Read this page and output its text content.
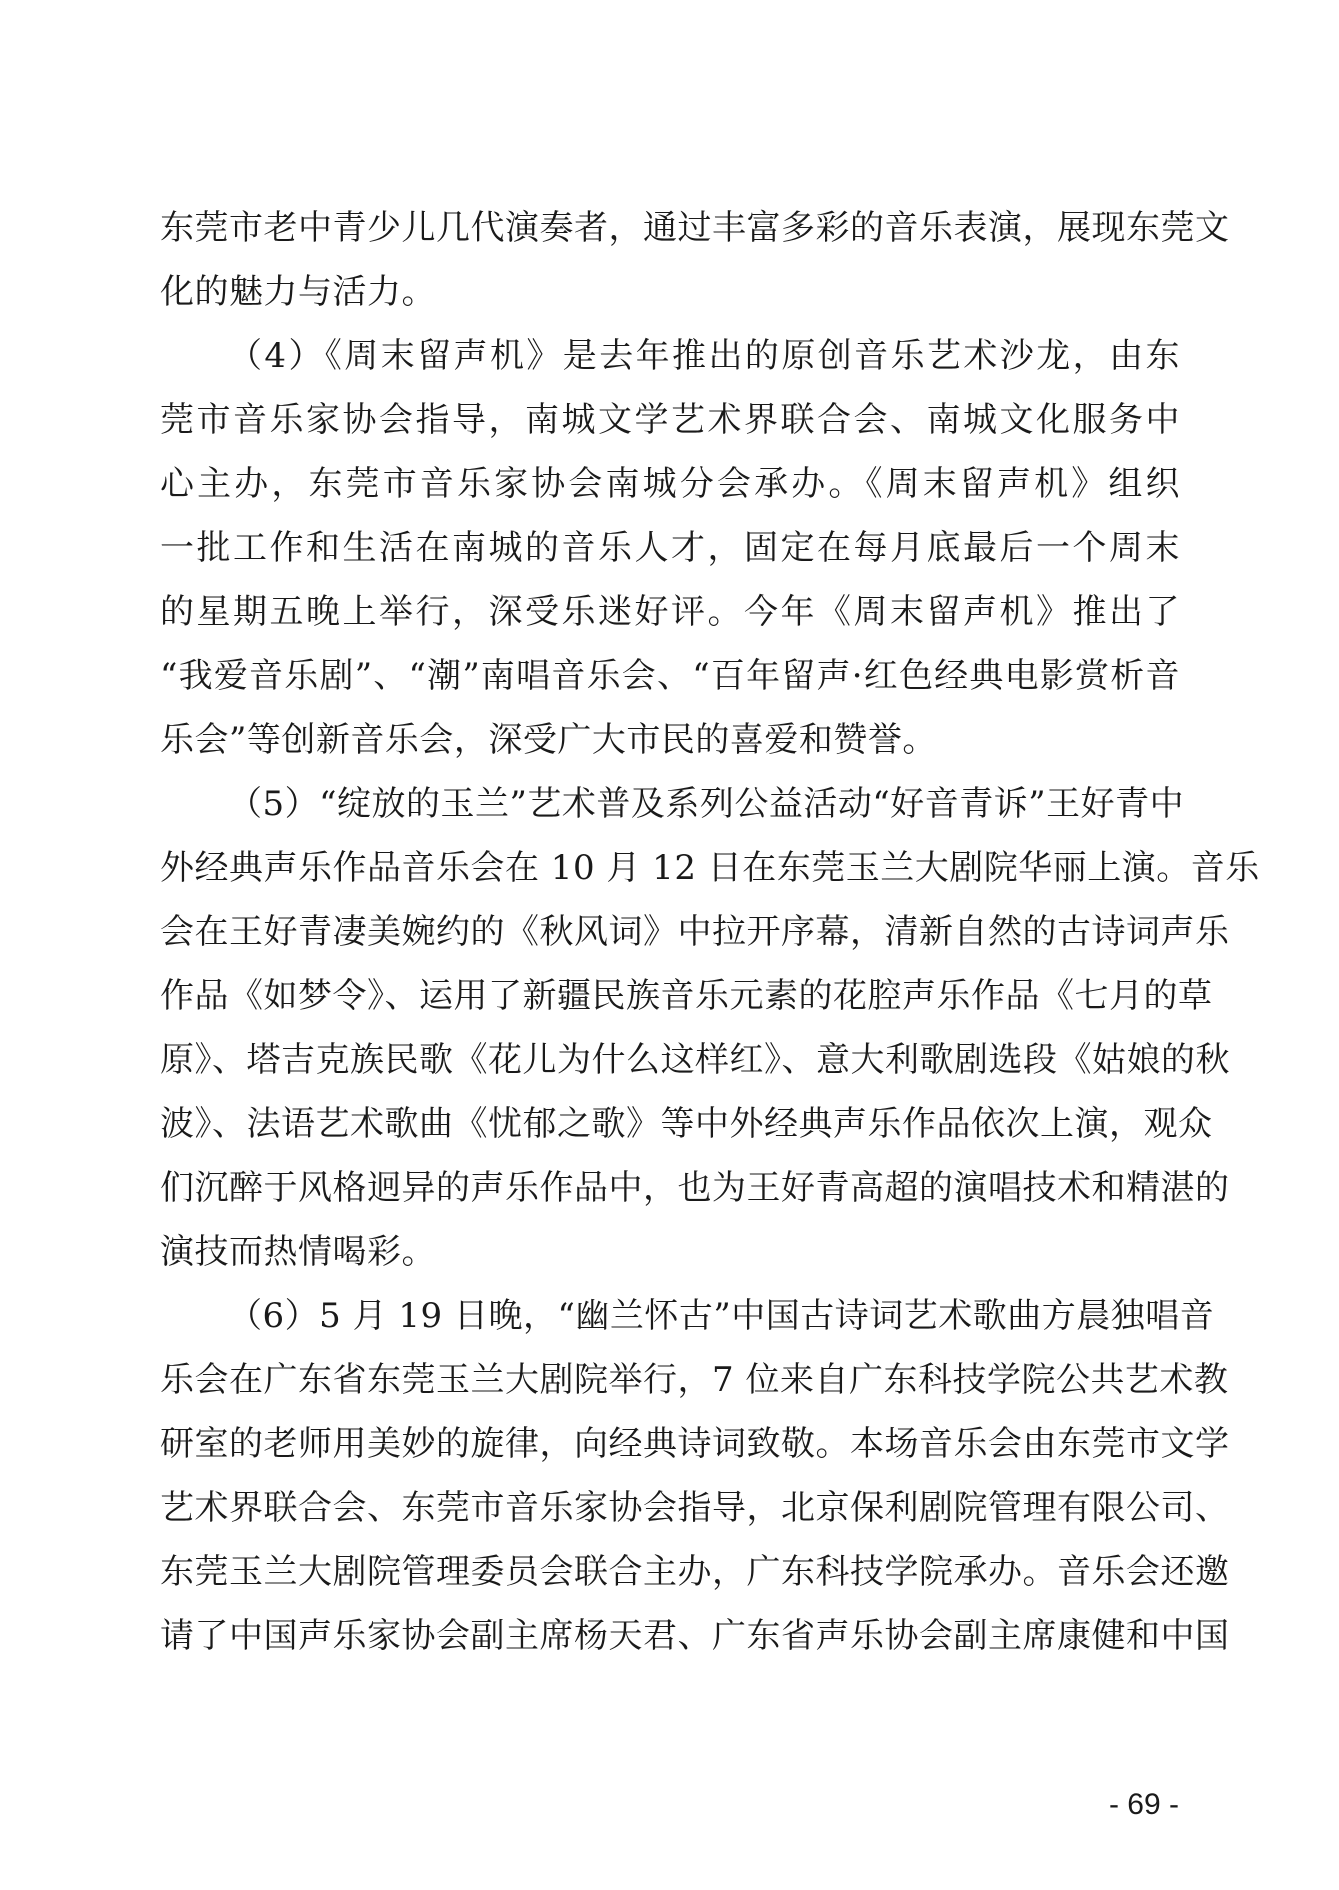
东莞市老中青少儿几代演奏者，通过丰富多彩的音乐表演，展现东莞文
化的魅力与活力。
（4）《周末留声机》是去年推出的原创音乐艺术沙龙，由东
莞市音乐家协会指导，南城文学艺术界联合会、南城文化服务中
心主办，东莞市音乐家协会南城分会承办。《周末留声机》组织
一批工作和生活在南城的音乐人才，固定在每月底最后一个周末
的星期五晚上举行，深受乐迷好评。今年《周末留声机》推出了
“我爱音乐剧”、“潮”南唱音乐会、“百年留声·红色经典电影赏析音
乐会”等创新音乐会，深受广大市民的喜爱和赞誉。
（5）“绽放的玉兰”艺术普及系列公益活动“好音青诉”王好青中
外经典声乐作品音乐会在 10 月 12 日在东莞玉兰大剧院华丽上演。音乐
会在王好青凄美婉约的《秋风词》中拉开序幕，清新自然的古诗词声乐
作品《如梦令》、运用了新疆民族音乐元素的花腔声乐作品《七月的草
原》、塔吉克族民歌《花儿为什么这样红》、意大利歌剧选段《姑娘的秋
波》、法语艺术歌曲《忧郁之歌》等中外经典声乐作品依次上演，观众
们沉醉于风格迥异的声乐作品中，也为王好青高超的演唱技术和精湛的
演技而热情喝彩。
（6）5 月 19 日晚，“幽兰怀古”中国古诗词艺术歌曲方晨独唱音
乐会在广东省东莞玉兰大剧院举行，7 位来自广东科技学院公共艺术教
研室的老师用美妙的旋律，向经典诗词致敬。本场音乐会由东莞市文学
艺术界联合会、东莞市音乐家协会指导，北京保利剧院管理有限公司、
东莞玉兰大剧院管理委员会联合主办，广东科技学院承办。音乐会还邀
请了中国声乐家协会副主席杨天君、广东省声乐协会副主席康健和中国
- 69 -
